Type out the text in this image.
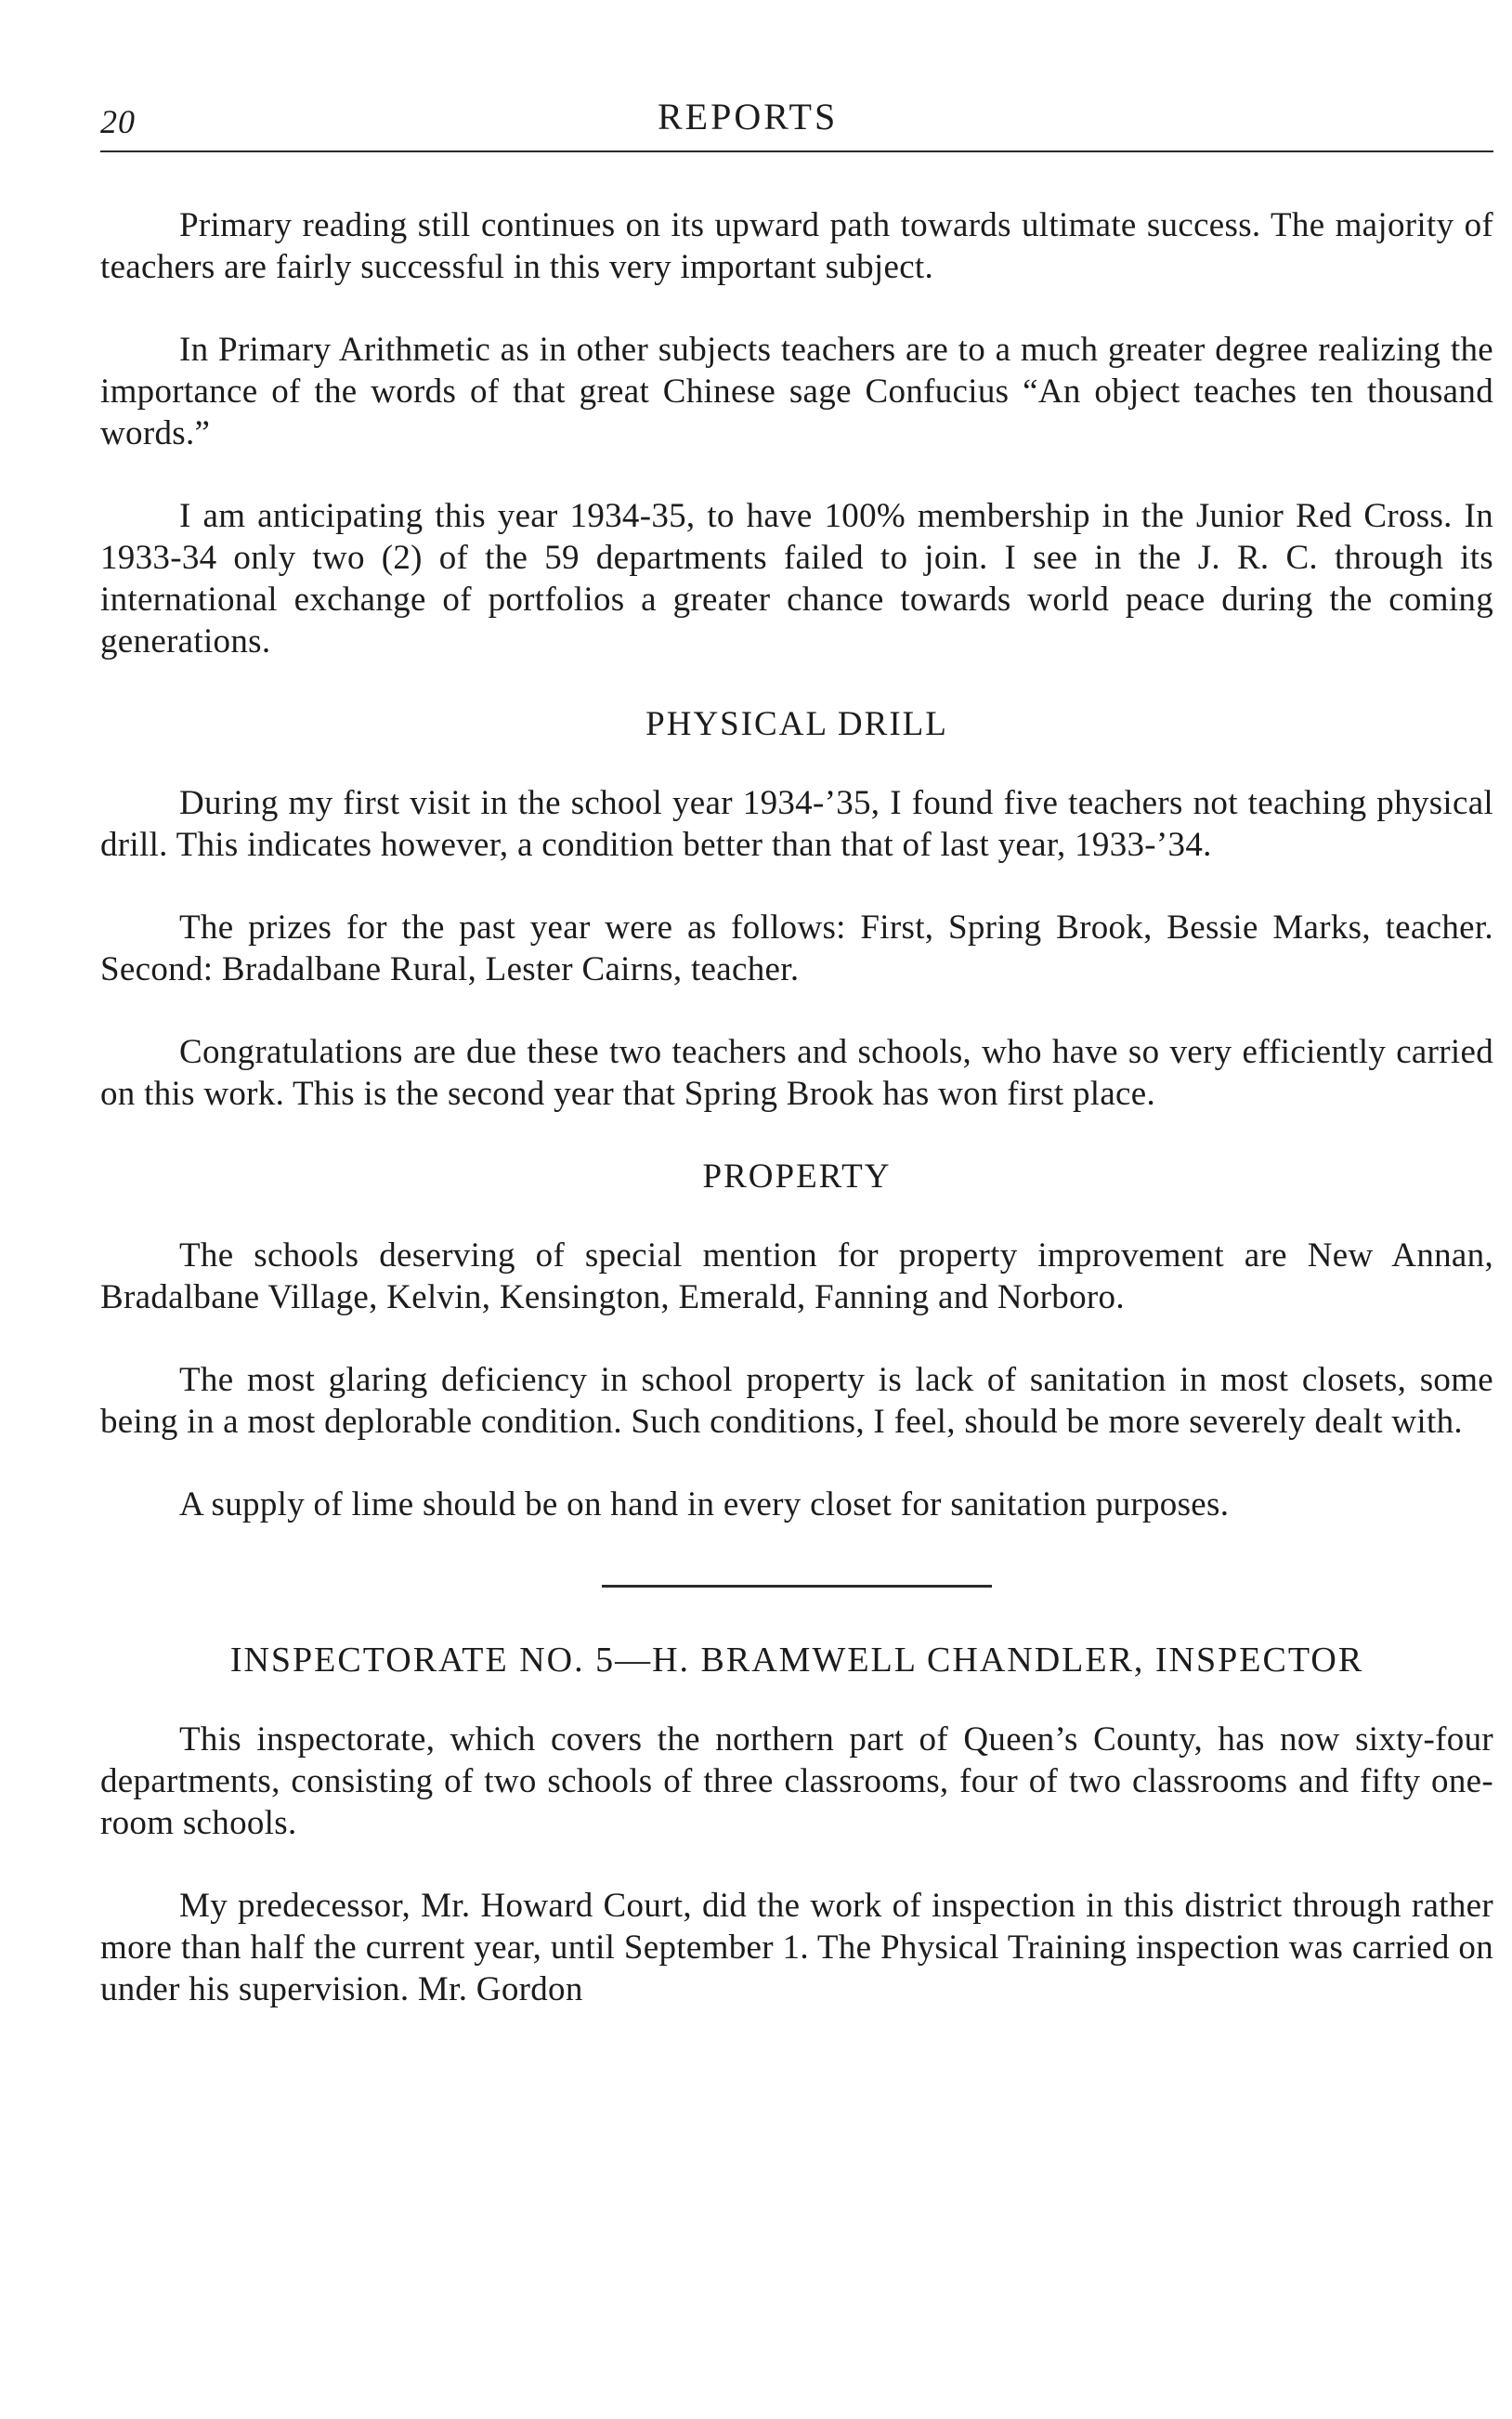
20	REPORTS

Primary reading still continues on its upward path towards ultimate success. The majority of teachers are fairly successful in this very important subject.

In Primary Arithmetic as in other subjects teachers are to a much greater degree realizing the importance of the words of that great Chinese sage Confucius “An object teaches ten thousand words.”

I am anticipating this year 1934-35, to have 100% membership in the Junior Red Cross. In 1933-34 only two (2) of the 59 departments failed to join. I see in the J. R. C. through its international exchange of portfolios a greater chance towards world peace during the coming generations.

PHYSICAL DRILL

During my first visit in the school year 1934-’35, I found five teachers not teaching physical drill. This indicates however, a condition better than that of last year, 1933-’34.

The prizes for the past year were as follows: First, Spring Brook, Bessie Marks, teacher. Second: Bradalbane Rural, Lester Cairns, teacher.

Congratulations are due these two teachers and schools, who have so very efficiently carried on this work. This is the second year that Spring Brook has won first place.

PROPERTY

The schools deserving of special mention for property improvement are New Annan, Bradalbane Village, Kelvin, Kensington, Emerald, Fanning and Norboro.

The most glaring deficiency in school property is lack of sanitation in most closets, some being in a most deplorable condition. Such conditions, I feel, should be more severely dealt with.

A supply of lime should be on hand in every closet for sanitation purposes.

INSPECTORATE NO. 5—H. BRAMWELL CHANDLER, INSPECTOR

This inspectorate, which covers the northern part of Queen’s County, has now sixty-four departments, consisting of two schools of three classrooms, four of two classrooms and fifty one-room schools.

My predecessor, Mr. Howard Court, did the work of inspection in this district through rather more than half the current year, until September 1. The Physical Training inspection was carried on under his supervision. Mr. Gordon
